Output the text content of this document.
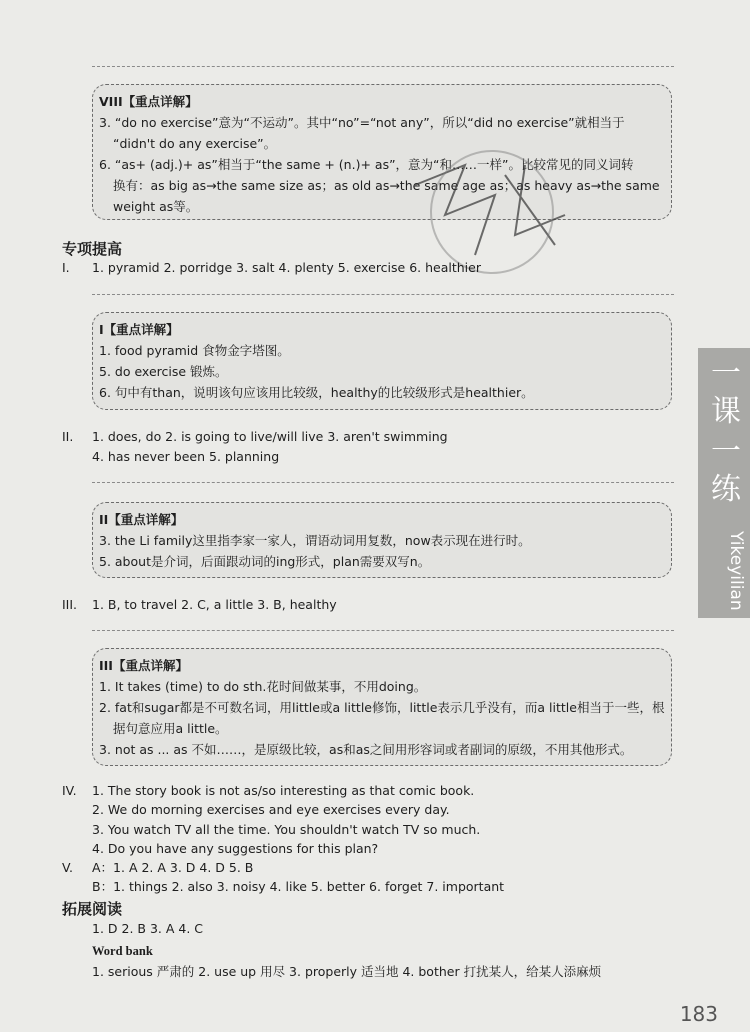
VIII【重点详解】
3. “do no exercise”意为“不运动”。其中“no”=“not any”，所以“did no exercise”就相当于
“didn't do any exercise”。
6. “as+ (adj.)+ as”相当于“the same + (n.)+ as”，意为“和……一样”。比较常见的同义词转
换有：as big as→the same size as；as old as→the same age as；as heavy as→the same
weight as等。
专项提高
I. 1. pyramid 2. porridge 3. salt 4. plenty 5. exercise 6. healthier
I【重点详解】
1. food pyramid 食物金字塔图。
5. do exercise 锻炼。
6. 句中有than，说明该句应该用比较级，healthy的比较级形式是healthier。
II. 1. does, do 2. is going to live/will live 3. aren't swimming
4. has never been 5. planning
II【重点详解】
3. the Li family这里指李家一家人，谓语动词用复数，now表示现在进行时。
5. about是介词，后面跟动词的ing形式，plan需要双写n。
III. 1. B, to travel 2. C, a little 3. B, healthy
III【重点详解】
1. It takes (time) to do sth.花时间做某事，不用doing。
2. fat和sugar都是不可数名词，用little或a little修饰，little表示几乎没有，而a little相当于一些，根
据句意应用a little。
3. not as ... as 不如……，是原级比较，as和as之间用形容词或者副词的原级，不用其他形式。
IV. 1. The story book is not as/so interesting as that comic book.
2. We do morning exercises and eye exercises every day.
3. You watch TV all the time. You shouldn't watch TV so much.
4. Do you have any suggestions for this plan?
V. A：1. A 2. A 3. D 4. D 5. B
B：1. things 2. also 3. noisy 4. like 5. better 6. forget 7. important
拓展阅读
1. D 2. B 3. A 4. C
Word bank
1. serious 严肃的 2. use up 用尽 3. properly 适当地 4. bother 打扰某人，给某人添麻烦
一
课
一
练
Yikeyilian
183
